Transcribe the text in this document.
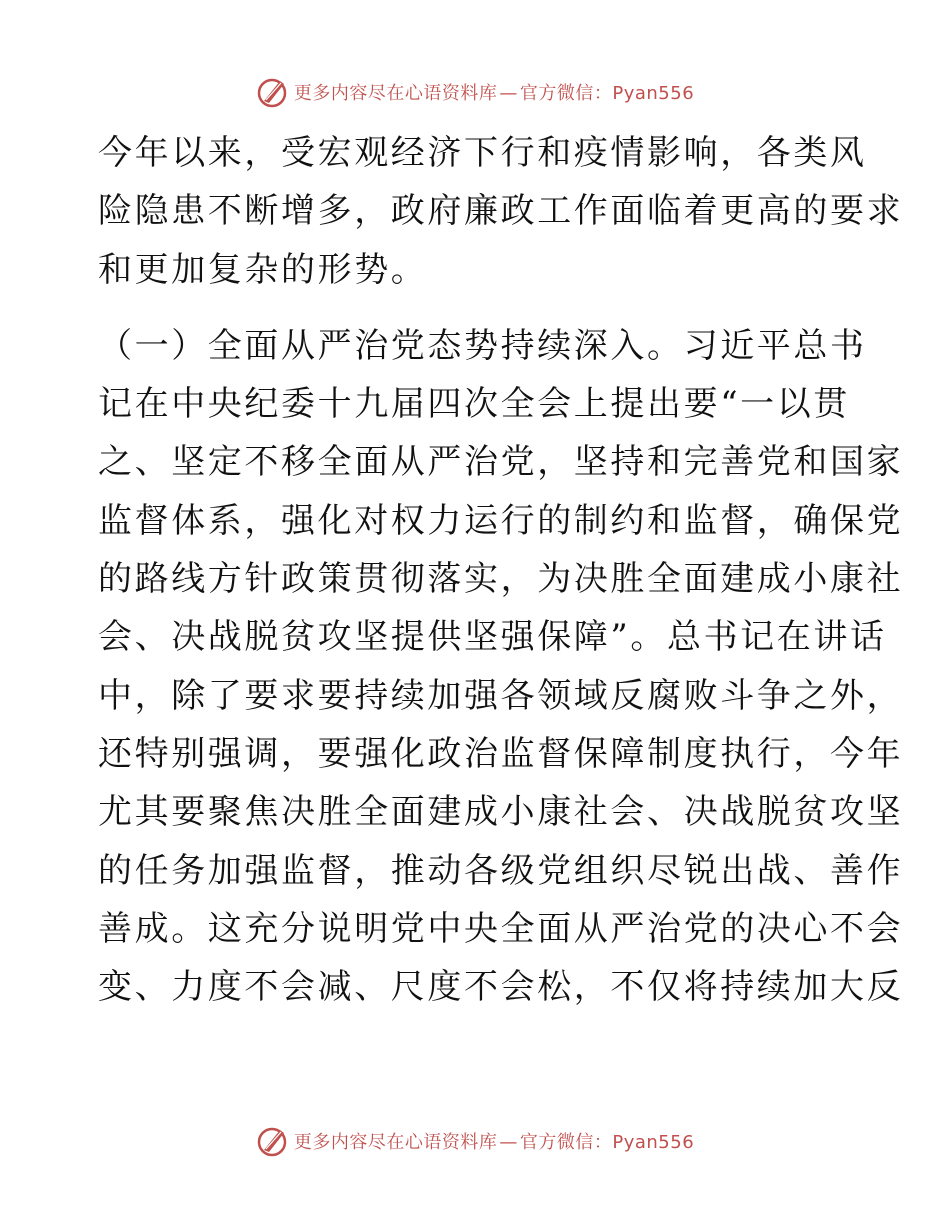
更多内容尽在心语资料库 — 官方微信：Pyan556

今年以来，受宏观经济下行和疫情影响，各类风
险隐患不断增多，政府廉政工作面临着更高的要求
和更加复杂的形势。

（一）全面从严治党态势持续深入。习近平总书
记在中央纪委十九届四次全会上提出要“一以贯
之、坚定不移全面从严治党，坚持和完善党和国家
监督体系，强化对权力运行的制约和监督，确保党
的路线方针政策贯彻落实，为决胜全面建成小康社
会、决战脱贫攻坚提供坚强保障”。总书记在讲话
中，除了要求要持续加强各领域反腐败斗争之外，
还特别强调，要强化政治监督保障制度执行，今年
尤其要聚焦决胜全面建成小康社会、决战脱贫攻坚
的任务加强监督，推动各级党组织尽锐出战、善作
善成。这充分说明党中央全面从严治党的决心不会
变、力度不会减、尺度不会松，不仅将持续加大反

更多内容尽在心语资料库 — 官方微信：Pyan556
